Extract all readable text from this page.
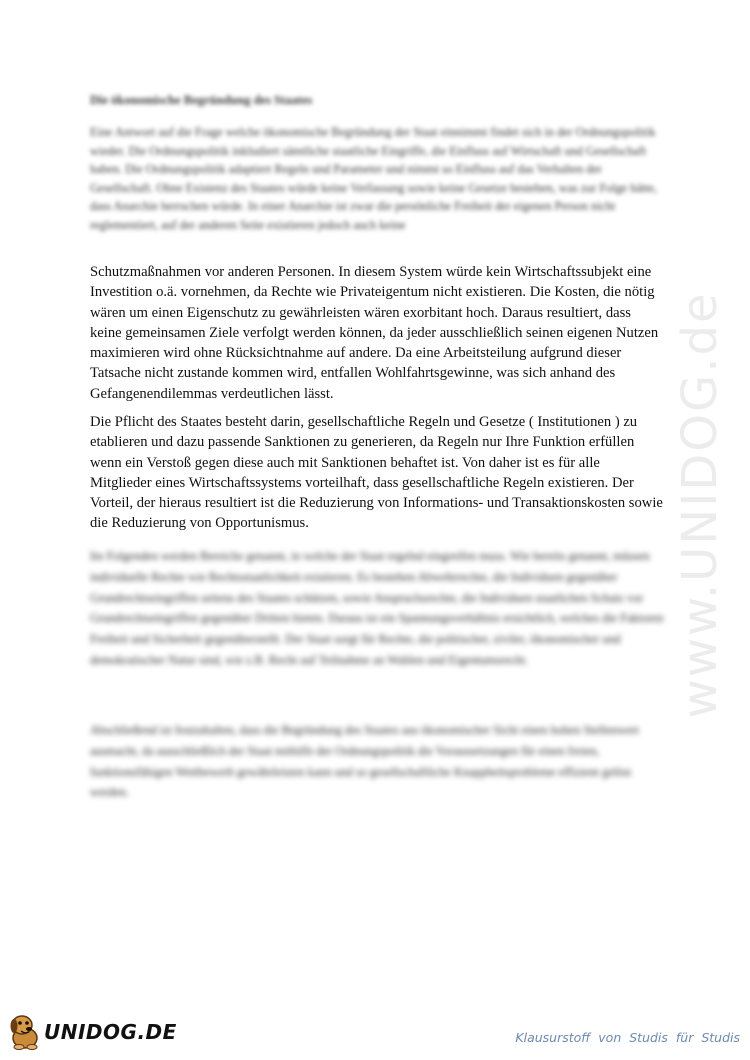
www.UNIDOG.de
Die ökonomische Begründung des Staates

Eine Antwort auf die Frage welche ökonomische Begründung der Staat einnimmt findet sich in der Ordnungspolitik wieder. Die Ordnungspolitik inkludiert sämtliche staatliche Eingriffe, die Einfluss auf Wirtschaft und Gesellschaft haben. Die Ordnungspolitik adaptiert Regeln und Parameter und nimmt so Einfluss auf das Verhalten der Gesellschaft. Ohne Existenz des Staates würde keine Verfassung sowie keine Gesetze bestehen, was zur Folge hätte, dass Anarchie herrschen würde. In einer Anarchie ist zwar die persönliche Freiheit der eigenen Person nicht reglementiert, auf der anderen Seite existieren jedoch auch keine

Schutzmaßnahmen vor anderen Personen. In diesem System würde kein Wirtschaftssubjekt eine Investition o.ä. vornehmen, da Rechte wie Privateigentum nicht existieren. Die Kosten, die nötig wären um einen Eigenschutz zu gewährleisten wären exorbitant hoch. Daraus resultiert, dass keine gemeinsamen Ziele verfolgt werden können, da jeder ausschließlich seinen eigenen Nutzen maximieren wird ohne Rücksichtnahme auf andere. Da eine Arbeitsteilung aufgrund dieser Tatsache nicht zustande kommen wird, entfallen Wohlfahrtsgewinne, was sich anhand des Gefangenendilemmas verdeutlichen lässt.

Die Pflicht des Staates besteht darin, gesellschaftliche Regeln und Gesetze ( Institutionen ) zu etablieren und dazu passende Sanktionen zu generieren, da Regeln nur Ihre Funktion erfüllen wenn ein Verstoß gegen diese auch mit Sanktionen behaftet ist. Von daher ist es für alle Mitglieder eines Wirtschaftssystems vorteilhaft, dass gesellschaftliche Regeln existieren. Der Vorteil, der hieraus resultiert ist die Reduzierung von Informations- und Transaktionskosten sowie die Reduzierung von Opportunismus.

Im Folgenden werden Bereiche genannt, in welche der Staat regelnd eingreifen muss. Wie bereits genannt, müssen individuelle Rechte wie Rechtsstaatlichkeit existieren. Es bestehen Abwehrrechte, die Individuen gegenüber Grundrechtseingriffen seitens des Staates schützen, sowie Anspruchsrechte, die Individuen staatlichen Schutz vor Grundrechtseingriffen gegenüber Dritten bieten. Daraus ist ein Spannungsverhältnis ersichtlich, welches die Faktoren Freiheit und Sicherheit gegenüberstellt. Der Staat sorgt für Rechte, die politischer, ziviler, ökonomischer und demokratischer Natur sind, wie z.B. Recht auf Teilnahme an Wahlen und Eigentumsrecht.

Abschließend ist festzuhalten, dass die Begründung des Staates aus ökonomischer Sicht einen hohen Stellenwert ausmacht, da ausschließlich der Staat mithilfe der Ordnungspolitik die Voraussetzungen für einen freien, funktionsfähigen Wettbewerb gewährleisten kann und so gesellschaftliche Knappheitsprobleme effizient gelöst werden.

UNIDOG.DE	Klausurstoff von Studis für Studis
